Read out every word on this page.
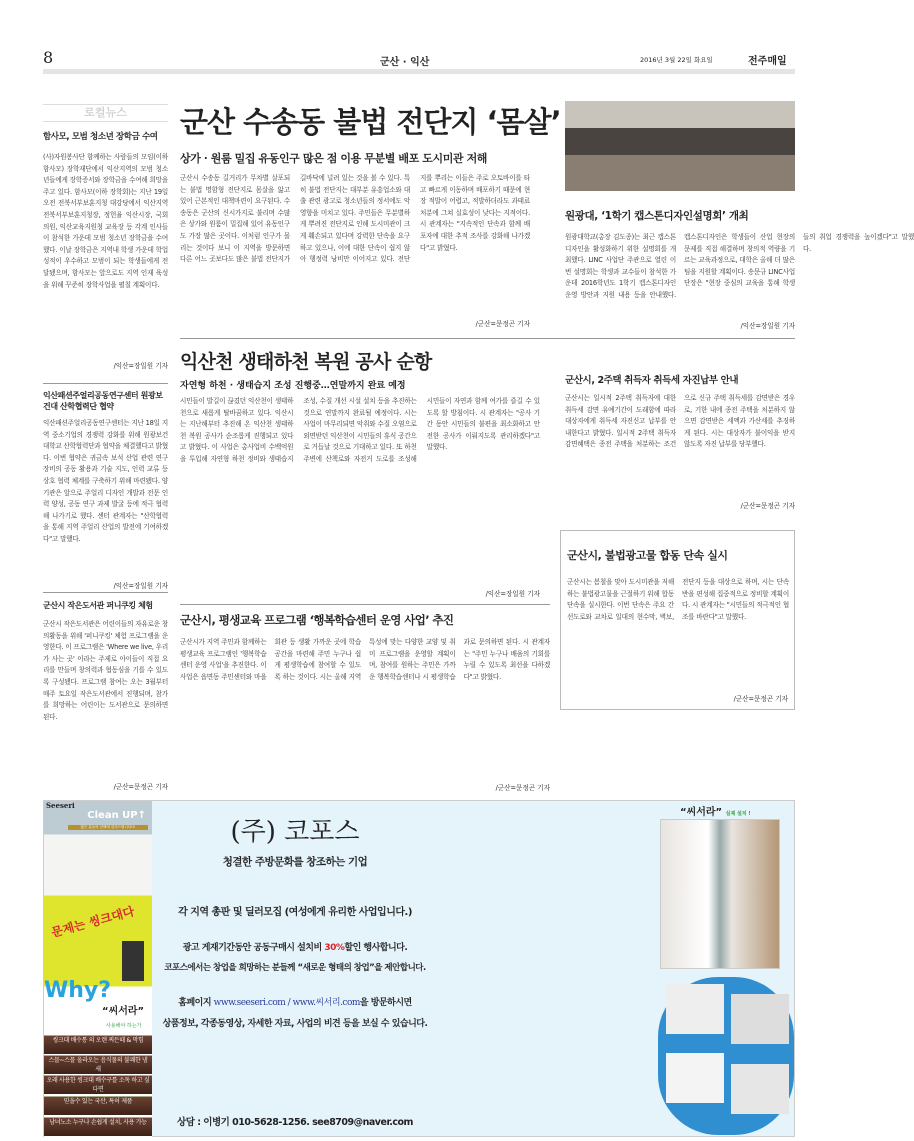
8	군산 · 익산	2016년 3월 22일 화요일	전주매일
로컬뉴스
함사모, 모범 청소년 장학금 수여
(사)자원봉사단 함께하는 사람들의 모임(이하 함사모) 장학재단에서 익산지역의 모범 청소년들에게 장학증서와 장학금을 수여해 희망을 주고 있다. 함사모(이하 장학회)는 지난 19일 오전 전북서부보훈지청 대강당에서 익산지역 전북서부보훈지청장, 정헌율 익산시장, 국회의원, 익산교육지원청 교육장 등 각계 인사들이 참석한 가운데 모범 청소년 장학금을 수여했다. 이날 장학금은 지역내 학생 가운데 학업 성적이 우수하고 모범이 되는 학생들에게 전달됐으며, 함사모는 앞으로도 지역 인재 육성을 위해 꾸준히 장학사업을 펼칠 계획이다.
/익산=장일원 기자
익산패션주얼리공동연구센터 원광보건대 산학협력단 협약
익산패션주얼리공동연구센터는 지난 18일 지역 중소기업의 경쟁력 강화를 위해 원광보건대학교 산학협력단과 협약을 체결했다고 밝혔다. 이번 협약은 귀금속 보석 산업 관련 연구 장비의 공동 활용과 기술 지도, 인력 교류 등 상호 협력 체계를 구축하기 위해 마련됐다. 양 기관은 앞으로 주얼리 디자인 개발과 전문 인력 양성, 공동 연구 과제 발굴 등에 적극 협력해 나가기로 했다. 센터 관계자는 "산학협력을 통해 지역 주얼리 산업의 발전에 기여하겠다"고 말했다.
/익산=장일원 기자
군산시 작은도서관 퍼니쿠킹 체험
군산시 작은도서관은 어린이들의 자유로운 창의활동을 위해 '퍼니쿠킹' 체험 프로그램을 운영한다. 이 프로그램은 'Where we live, 우리가 사는 곳' 이라는 주제로 아이들이 직접 요리를 만들며 창의력과 협동심을 기를 수 있도록 구성됐다. 프로그램 참여는 오는 3월부터 매주 토요일 작은도서관에서 진행되며, 참가를 희망하는 어린이는 도서관으로 문의하면 된다.
/군산=문정곤 기자
군산 수송동 불법 전단지 ‘몸살’
상가 · 원룸 밀집 유동인구 많은 점 이용 무분별 배포 도시미관 저해
군산시 수송동 길거리가 무차별 살포되는 불법 명함형 전단지로 몸살을 앓고 있어 근본적인 대책마련이 요구된다. 수송동은 군산의 신시가지로 불리며 수많은 상가와 원룸이 밀집해 있어 유동인구도 가장 많은 곳이다. 이처럼 인구가 몰리는 것이다 보니 이 지역을 방문하면 다른 어느 곳보다도 많은 불법 전단지가 길바닥에 널려 있는 것을 볼 수 있다. 특히 불법 전단지는 대부분 유흥업소와 대출 관련 광고로 청소년들의 정서에도 악영향을 미치고 있다. 주민들은 무분별하게 뿌려진 전단지로 인해 도시미관이 크게 훼손되고 있다며 강력한 단속을 요구하고 있으나, 이에 대한 단속이 쉽지 않아 행정력 낭비만 이어지고 있다. 전단지를 뿌리는 이들은 주로 오토바이를 타고 빠르게 이동하며 배포하기 때문에 현장 적발이 어렵고, 적발하더라도 과태료 처분에 그쳐 실효성이 낮다는 지적이다. 시 관계자는 "지속적인 단속과 함께 배포자에 대한 추적 조사를 강화해 나가겠다"고 밝혔다.
/군산=문정곤 기자
원광대, ‘1학기 캡스톤디자인설명회’ 개최
원광대학교(총장 김도종)는 최근 캡스톤디자인을 활성화하기 위한 설명회를 개최했다. LINC 사업단 주관으로 열린 이번 설명회는 학생과 교수들이 참석한 가운데 2016학년도 1학기 캡스톤디자인 운영 방안과 지원 내용 등을 안내했다. 캡스톤디자인은 학생들이 산업 현장의 문제를 직접 해결하며 창의적 역량을 기르는 교육과정으로, 대학은 올해 더 많은 팀을 지원할 계획이다. 송문규 LINC사업단장은 "현장 중심의 교육을 통해 학생들의 취업 경쟁력을 높이겠다"고 말했다.
/익산=장일원 기자
익산천 생태하천 복원 공사 순항
자연형 하천 · 생태습지 조성 진행중…연말까지 완료 예정
시민들이 발길이 끊겼던 익산천이 생태하천으로 새롭게 탈바꿈하고 있다. 익산시는 지난해부터 추진해 온 익산천 생태하천 복원 공사가 순조롭게 진행되고 있다고 밝혔다. 이 사업은 총사업비 수백억원을 투입해 자연형 하천 정비와 생태습지 조성, 수질 개선 시설 설치 등을 추진하는 것으로 연말까지 완료될 예정이다. 시는 사업이 마무리되면 악취와 수질 오염으로 외면받던 익산천이 시민들의 휴식 공간으로 거듭날 것으로 기대하고 있다. 또 하천 주변에 산책로와 자전거 도로를 조성해 시민들이 자연과 함께 여가를 즐길 수 있도록 할 방침이다. 시 관계자는 "공사 기간 동안 시민들의 불편을 최소화하고 안전한 공사가 이뤄지도록 관리하겠다"고 말했다.
/익산=장일원 기자
군산시, 2주택 취득자 취득세 자진납부 안내
군산시는 일시적 2주택 취득자에 대한 취득세 감면 유예기간이 도래함에 따라 대상자에게 취득세 자진신고 납부를 안내한다고 밝혔다. 일시적 2주택 취득자 감면혜택은 종전 주택을 처분하는 조건으로 신규 주택 취득세를 감면받은 경우로, 기한 내에 종전 주택을 처분하지 않으면 감면받은 세액과 가산세를 추징하게 된다. 시는 대상자가 불이익을 받지 않도록 자진 납부를 당부했다.
/군산=문정곤 기자
군산시, 불법광고물 합동 단속 실시
군산시는 봄철을 맞아 도시미관을 저해하는 불법광고물을 근절하기 위해 합동 단속을 실시한다. 이번 단속은 주요 간선도로와 교차로 일대의 현수막, 벽보, 전단지 등을 대상으로 하며, 시는 단속반을 편성해 집중적으로 정비할 계획이다. 시 관계자는 "시민들의 적극적인 협조를 바란다"고 말했다.
/군산=문정곤 기자
군산시, 평생교육 프로그램 ‘행복학습센터 운영 사업’ 추진
군산시가 지역 주민과 함께하는 평생교육 프로그램인 '행복학습센터 운영 사업'을 추진한다. 이 사업은 읍면동 주민센터와 마을회관 등 생활 가까운 곳에 학습 공간을 마련해 주민 누구나 쉽게 평생학습에 참여할 수 있도록 하는 것이다. 시는 올해 지역 특성에 맞는 다양한 교양 및 취미 프로그램을 운영할 계획이며, 참여를 원하는 주민은 가까운 행복학습센터나 시 평생학습과로 문의하면 된다. 시 관계자는 "주민 누구나 배움의 기회를 누릴 수 있도록 최선을 다하겠다"고 밝혔다.
/군산=문정곤 기자
(주) 코포스
청결한 주방문화를 창조하는 기업
각 지역 총판 및 딜러모집 (여성에게 유리한 사업입니다.)
광고 게재기간동안 공동구매시 설치비 30%할인 행사합니다.
코포스에서는 창업을 희망하는 분들께 “새로운 형태의 창업”을 제안합니다.
홈페이지 www.seeseri.com / www.씨서리.com을 방문하시면
상품정보, 각종동영상, 자세한 자료, 사업의 비견 등을 보실 수 있습니다.
상담 : 이병기 010-5628-1256. see8709@naver.com
Seeseri
Clean UP↑
많은 분들의 선택에 감사드립니다!!!
문제는 씽크대다
Why?
“씨서라”
사용해야 하는가
씽크대 배수통 의 오랜 찌든때 & 막힘
스믈~스믈 올라오는 음식물의 불쾌한 냄새
오래 사용한 씽크대 배수구를 소독 하고 싶다면
믿을수 있는 국산, 특허 제품
남녀노소 누구나 손쉽게 설치, 사용 가능
“씨서라” 실제 설치 !
